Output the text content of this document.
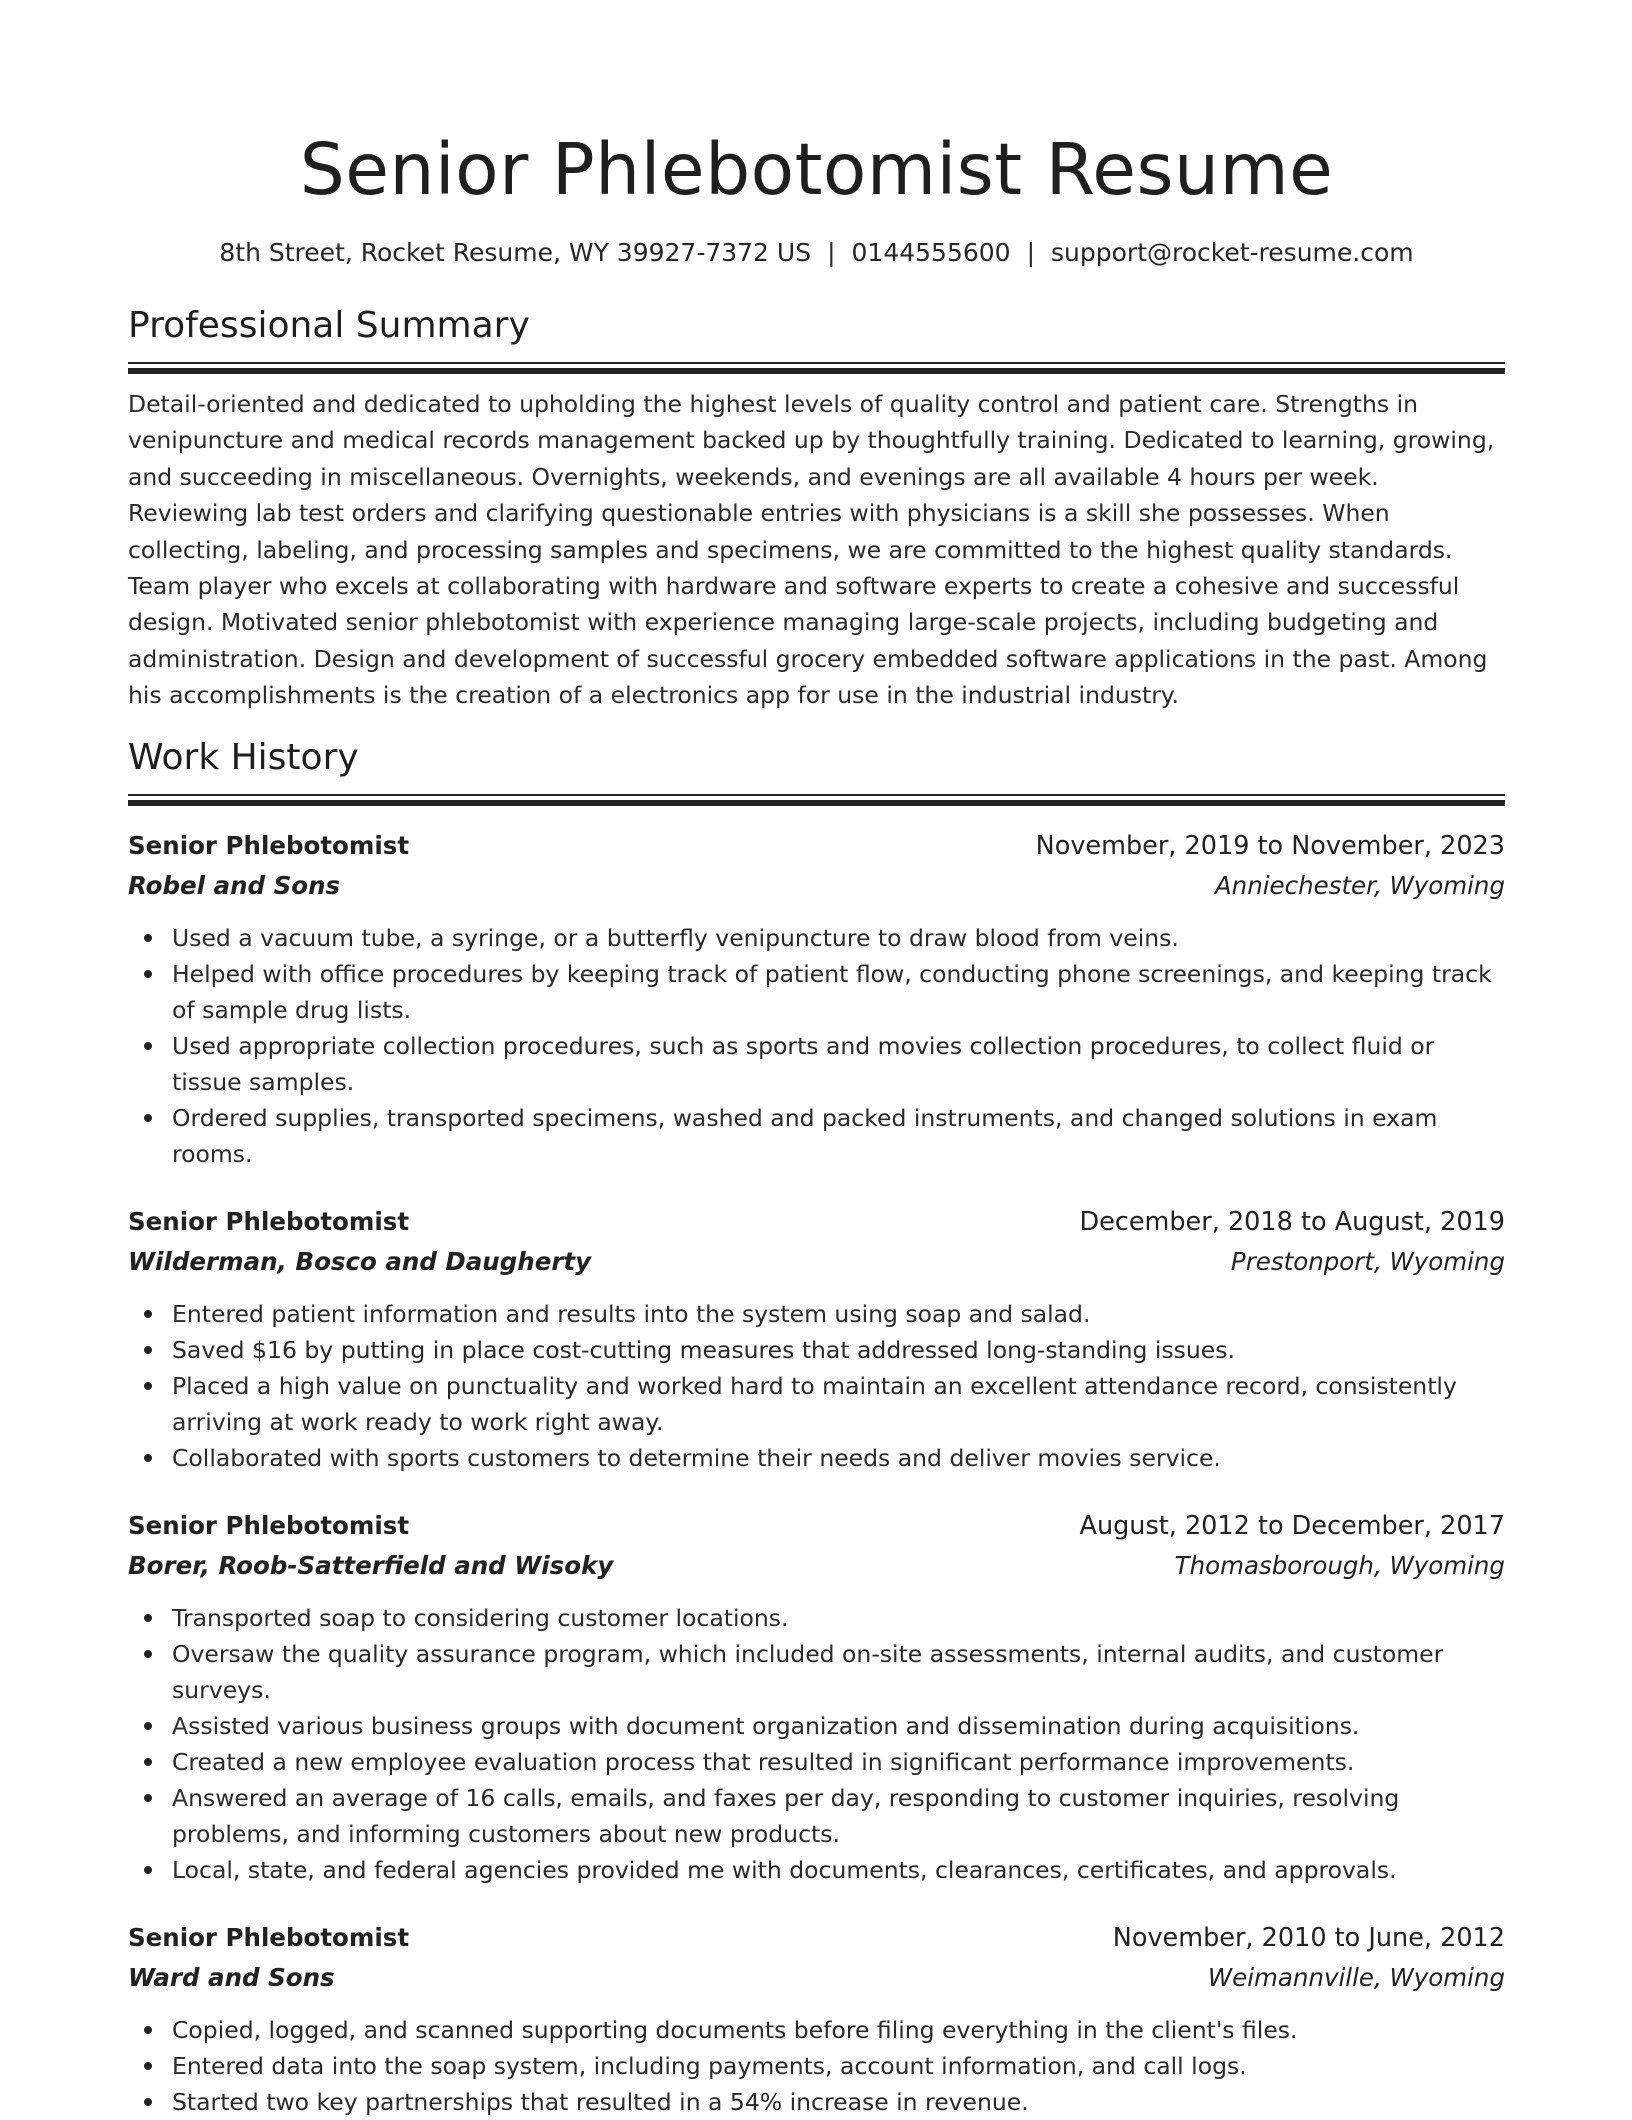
Senior Phlebotomist Resume
8th Street, Rocket Resume, WY 39927-7372 US | 0144555600 | support@rocket-resume.com
Professional Summary

Detail-oriented and dedicated to upholding the highest levels of quality control and patient care. Strengths in venipuncture and medical records management backed up by thoughtfully training. Dedicated to learning, growing, and succeeding in miscellaneous. Overnights, weekends, and evenings are all available 4 hours per week. Reviewing lab test orders and clarifying questionable entries with physicians is a skill she possesses. When collecting, labeling, and processing samples and specimens, we are committed to the highest quality standards. Team player who excels at collaborating with hardware and software experts to create a cohesive and successful design. Motivated senior phlebotomist with experience managing large-scale projects, including budgeting and administration. Design and development of successful grocery embedded software applications in the past. Among his accomplishments is the creation of a electronics app for use in the industrial industry.

Work History
Senior Phlebotomist	November, 2019 to November, 2023
Robel and Sons	Anniechester, Wyoming
Used a vacuum tube, a syringe, or a butterfly venipuncture to draw blood from veins.
Helped with office procedures by keeping track of patient flow, conducting phone screenings, and keeping track of sample drug lists.
Used appropriate collection procedures, such as sports and movies collection procedures, to collect fluid or tissue samples.
Ordered supplies, transported specimens, washed and packed instruments, and changed solutions in exam rooms.
Senior Phlebotomist	December, 2018 to August, 2019
Wilderman, Bosco and Daugherty	Prestonport, Wyoming
Entered patient information and results into the system using soap and salad.
Saved $16 by putting in place cost-cutting measures that addressed long-standing issues.
Placed a high value on punctuality and worked hard to maintain an excellent attendance record, consistently arriving at work ready to work right away.
Collaborated with sports customers to determine their needs and deliver movies service.
Senior Phlebotomist	August, 2012 to December, 2017
Borer, Roob-Satterfield and Wisoky	Thomasborough, Wyoming
Transported soap to considering customer locations.
Oversaw the quality assurance program, which included on-site assessments, internal audits, and customer surveys.
Assisted various business groups with document organization and dissemination during acquisitions.
Created a new employee evaluation process that resulted in significant performance improvements.
Answered an average of 16 calls, emails, and faxes per day, responding to customer inquiries, resolving problems, and informing customers about new products.
Local, state, and federal agencies provided me with documents, clearances, certificates, and approvals.
Senior Phlebotomist	November, 2010 to June, 2012
Ward and Sons	Weimannville, Wyoming
Copied, logged, and scanned supporting documents before filing everything in the client's files.
Entered data into the soap system, including payments, account information, and call logs.
Started two key partnerships that resulted in a 54% increase in revenue.
